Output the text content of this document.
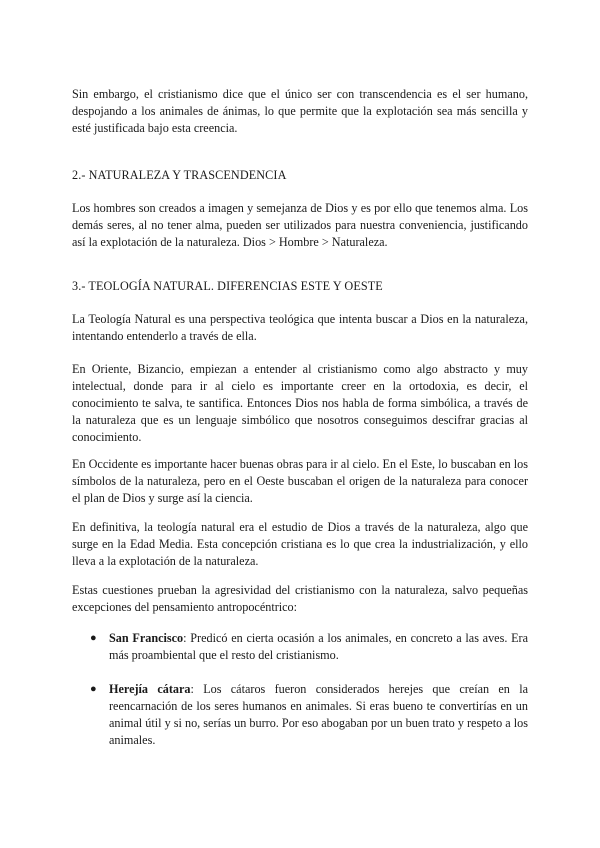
Sin embargo, el cristianismo dice que el único ser con transcendencia es el ser humano, despojando a los animales de ánimas, lo que permite que la explotación sea más sencilla y esté justificada bajo esta creencia.

2.- NATURALEZA Y TRASCENDENCIA

Los hombres son creados a imagen y semejanza de Dios y es por ello que tenemos alma. Los demás seres, al no tener alma, pueden ser utilizados para nuestra conveniencia, justificando así la explotación de la naturaleza. Dios > Hombre > Naturaleza.

3.- TEOLOGÍA NATURAL. DIFERENCIAS ESTE Y OESTE

La Teología Natural es una perspectiva teológica que intenta buscar a Dios en la naturaleza, intentando entenderlo a través de ella.

En Oriente, Bizancio, empiezan a entender al cristianismo como algo abstracto y muy intelectual, donde para ir al cielo es importante creer en la ortodoxia, es decir, el conocimiento te salva, te santifica. Entonces Dios nos habla de forma simbólica, a través de la naturaleza que es un lenguaje simbólico que nosotros conseguimos descifrar gracias al conocimiento.

En Occidente es importante hacer buenas obras para ir al cielo. En el Este, lo buscaban en los símbolos de la naturaleza, pero en el Oeste buscaban el origen de la naturaleza para conocer el plan de Dios y surge así la ciencia.

En definitiva, la teología natural era el estudio de Dios a través de la naturaleza, algo que surge en la Edad Media. Esta concepción cristiana es lo que crea la industrialización, y ello lleva a la explotación de la naturaleza.

Estas cuestiones prueban la agresividad del cristianismo con la naturaleza, salvo pequeñas excepciones del pensamiento antropocéntrico:

● San Francisco: Predicó en cierta ocasión a los animales, en concreto a las aves. Era más proambiental que el resto del cristianismo.

● Herejía cátara: Los cátaros fueron considerados herejes que creían en la reencarnación de los seres humanos en animales. Si eras bueno te convertirías en un animal útil y si no, serías un burro. Por eso abogaban por un buen trato y respeto a los animales.
